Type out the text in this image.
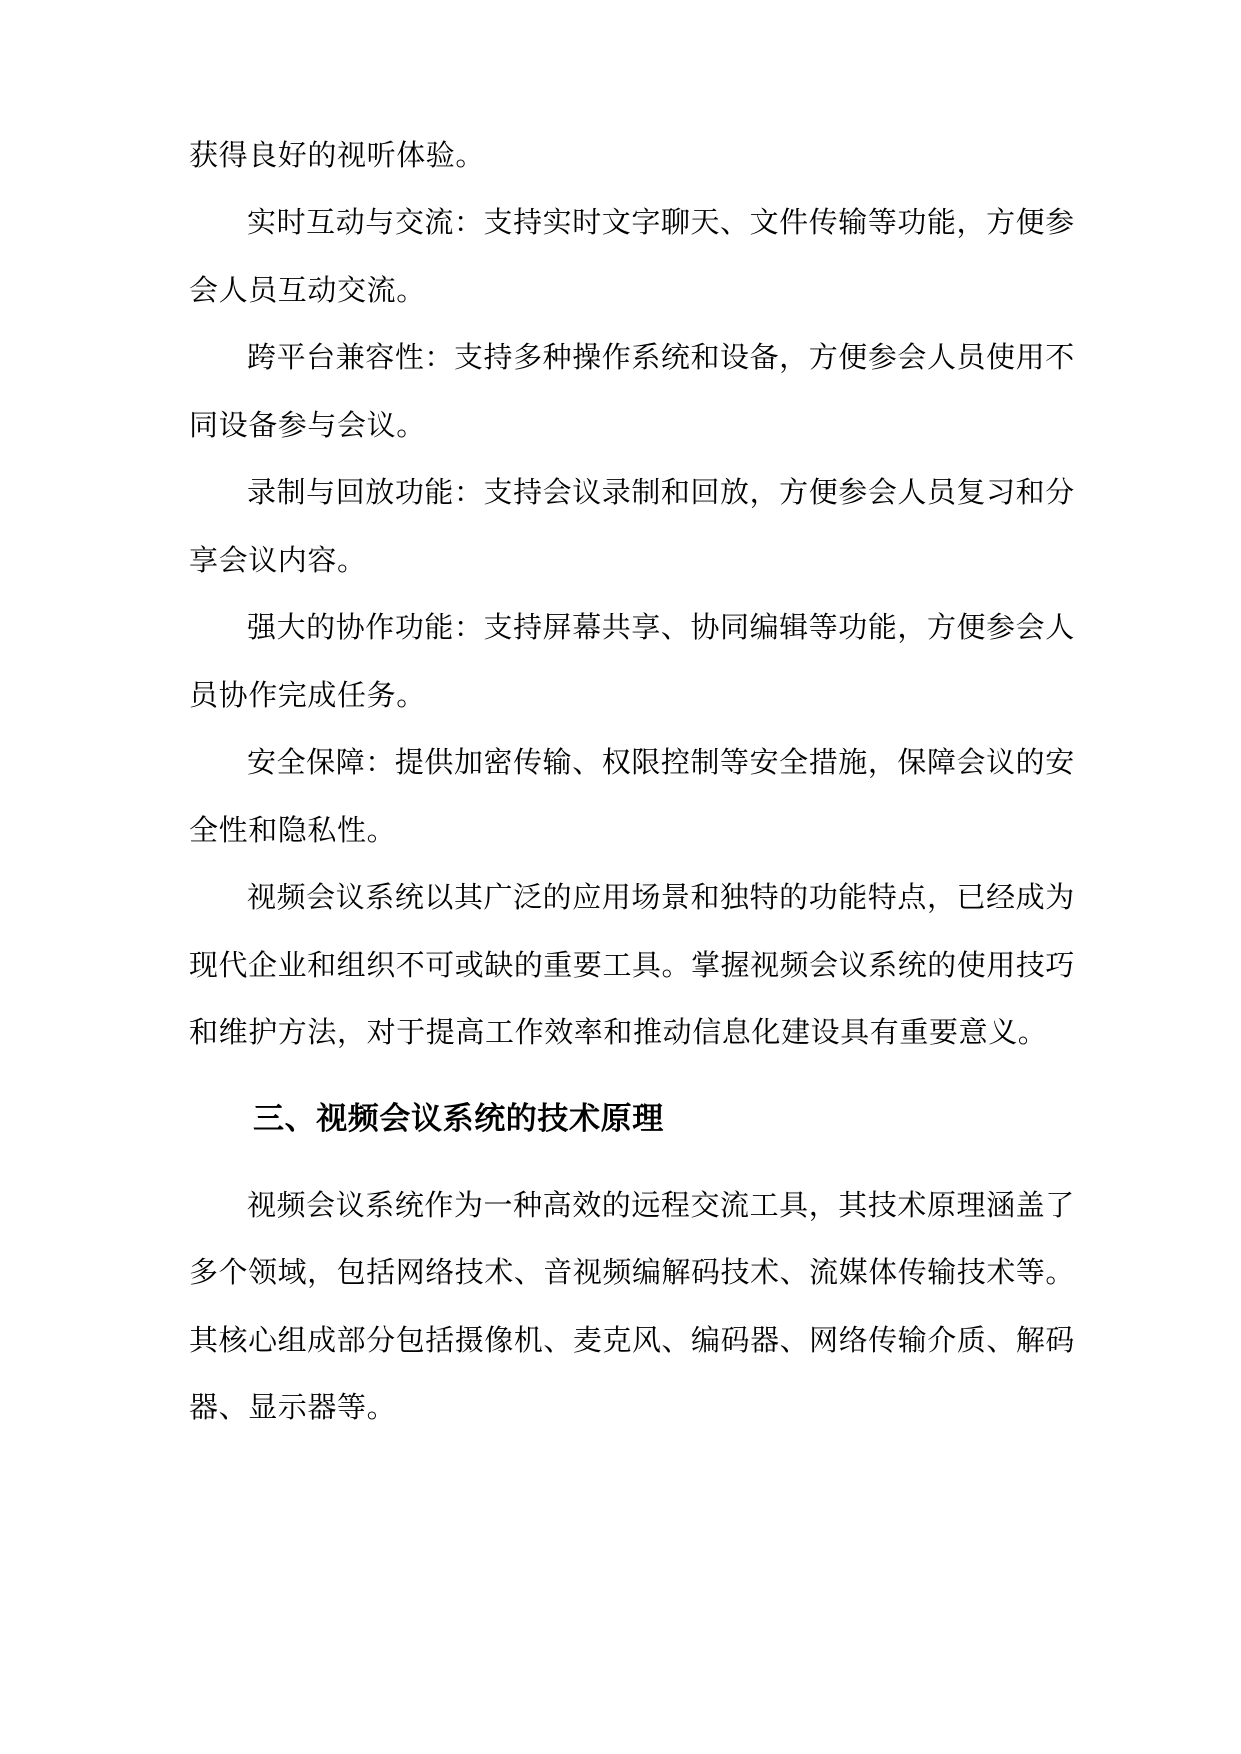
获得良好的视听体验。
实时互动与交流：支持实时文字聊天、文件传输等功能，方便参
会人员互动交流。
跨平台兼容性：支持多种操作系统和设备，方便参会人员使用不
同设备参与会议。
录制与回放功能：支持会议录制和回放，方便参会人员复习和分
享会议内容。
强大的协作功能：支持屏幕共享、协同编辑等功能，方便参会人
员协作完成任务。
安全保障：提供加密传输、权限控制等安全措施，保障会议的安
全性和隐私性。
视频会议系统以其广泛的应用场景和独特的功能特点，已经成为
现代企业和组织不可或缺的重要工具。掌握视频会议系统的使用技巧
和维护方法，对于提高工作效率和推动信息化建设具有重要意义。
三、视频会议系统的技术原理
视频会议系统作为一种高效的远程交流工具，其技术原理涵盖了
多个领域，包括网络技术、音视频编解码技术、流媒体传输技术等。
其核心组成部分包括摄像机、麦克风、编码器、网络传输介质、解码
器、显示器等。
